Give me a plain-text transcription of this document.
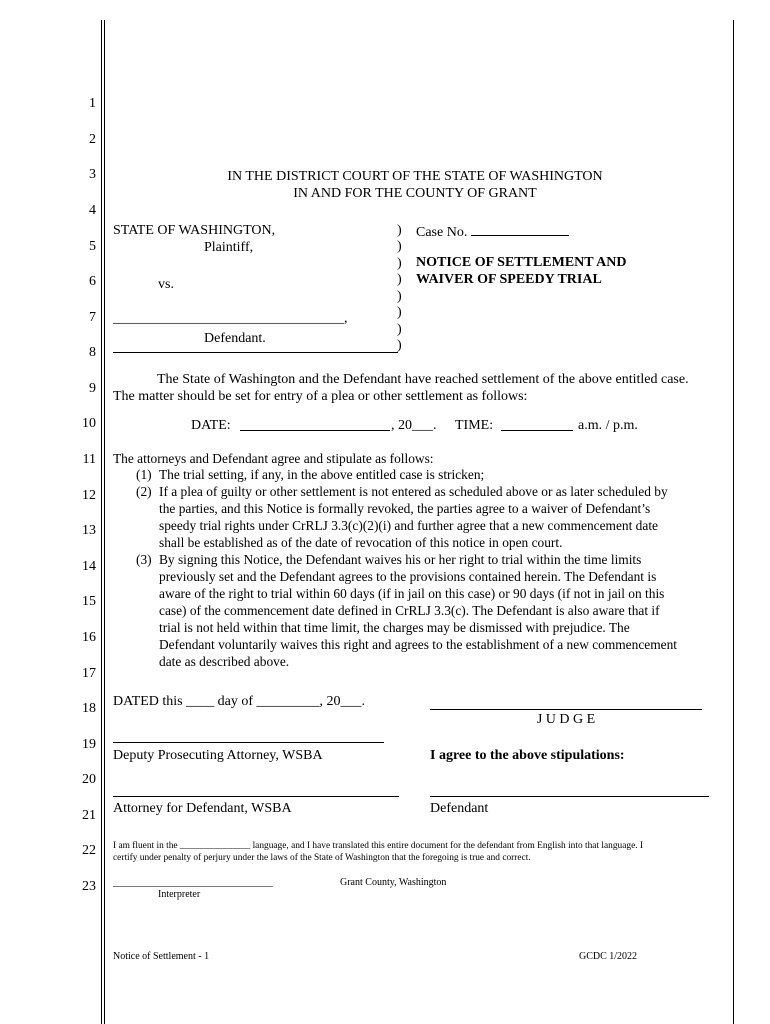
1
2
3
4
5
6
7
8
9
10
11
12
13
14
15
16
17
18
19
20
21
22
23
IN THE DISTRICT COURT OF THE STATE OF WASHINGTON
IN AND FOR THE COUNTY OF GRANT
STATE OF WASHINGTON,
Plaintiff,
vs.
_________________________________,
Defendant.
)
)
)
)
)
)
)
)
Case No.
NOTICE OF SETTLEMENT AND
WAIVER OF SPEEDY TRIAL
The State of Washington and the Defendant have reached settlement of the above entitled case.
The matter should be set for entry of a plea or other settlement as follows:
DATE:	, 20___. TIME:	a.m. / p.m.
The attorneys and Defendant agree and stipulate as follows:
(1) The trial setting, if any, in the above entitled case is stricken;
(2) If a plea of guilty or other settlement is not entered as scheduled above or as later scheduled by
the parties, and this Notice is formally revoked, the parties agree to a waiver of Defendant’s
speedy trial rights under CrRLJ 3.3(c)(2)(i) and further agree that a new commencement date
shall be established as of the date of revocation of this notice in open court.
(3) By signing this Notice, the Defendant waives his or her right to trial within the time limits
previously set and the Defendant agrees to the provisions contained herein. The Defendant is
aware of the right to trial within 60 days (if in jail on this case) or 90 days (if not in jail on this
case) of the commencement date defined in CrRLJ 3.3(c). The Defendant is also aware that if
trial is not held within that time limit, the charges may be dismissed with prejudice. The
Defendant voluntarily waives this right and agrees to the establishment of a new commencement
date as described above.
DATED this ____ day of _________, 20___.
J U D G E
Deputy Prosecuting Attorney, WSBA	I agree to the above stipulations:
Attorney for Defendant, WSBA	Defendant
I am fluent in the _______________ language, and I have translated this entire document for the defendant from English into that language. I
certify under penalty of perjury under the laws of the State of Washington that the foregoing is true and correct.
________________________________	Grant County, Washington
Interpreter
Notice of Settlement - 1	GCDC 1/2022
